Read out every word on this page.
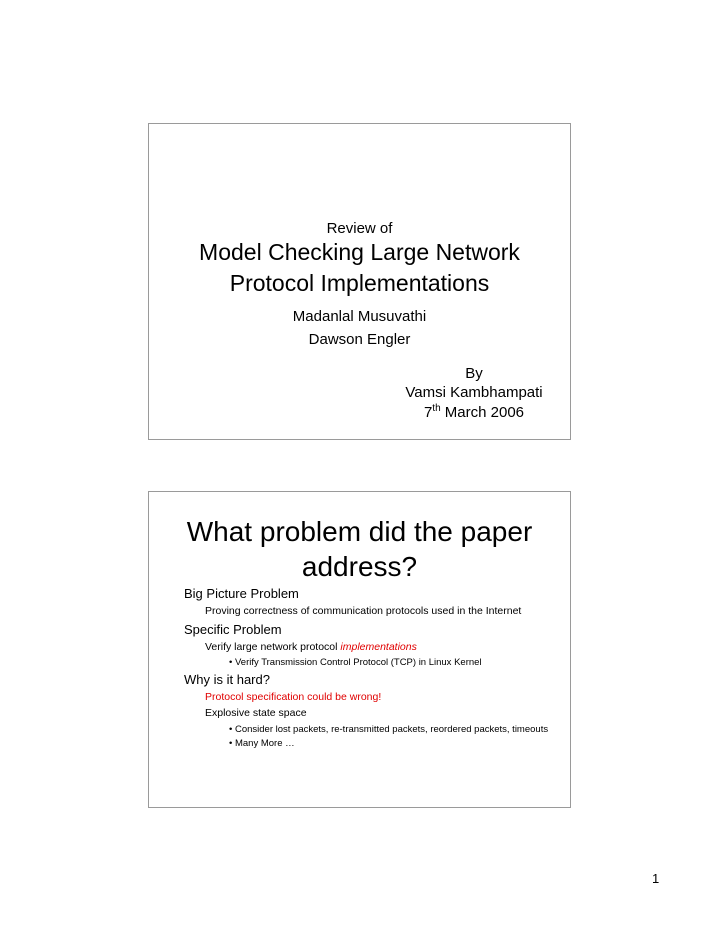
Review of
Model Checking Large Network
Protocol Implementations
Madanlal Musuvathi
Dawson Engler
By
Vamsi Kambhampati
7th March 2006
What problem did the paper
address?
Big Picture Problem
Proving correctness of communication protocols used in the Internet
Specific Problem
Verify large network protocol implementations
• Verify Transmission Control Protocol (TCP) in Linux Kernel
Why is it hard?
Protocol specification could be wrong!
Explosive state space
• Consider lost packets, re-transmitted packets, reordered packets, timeouts
• Many More …
1
